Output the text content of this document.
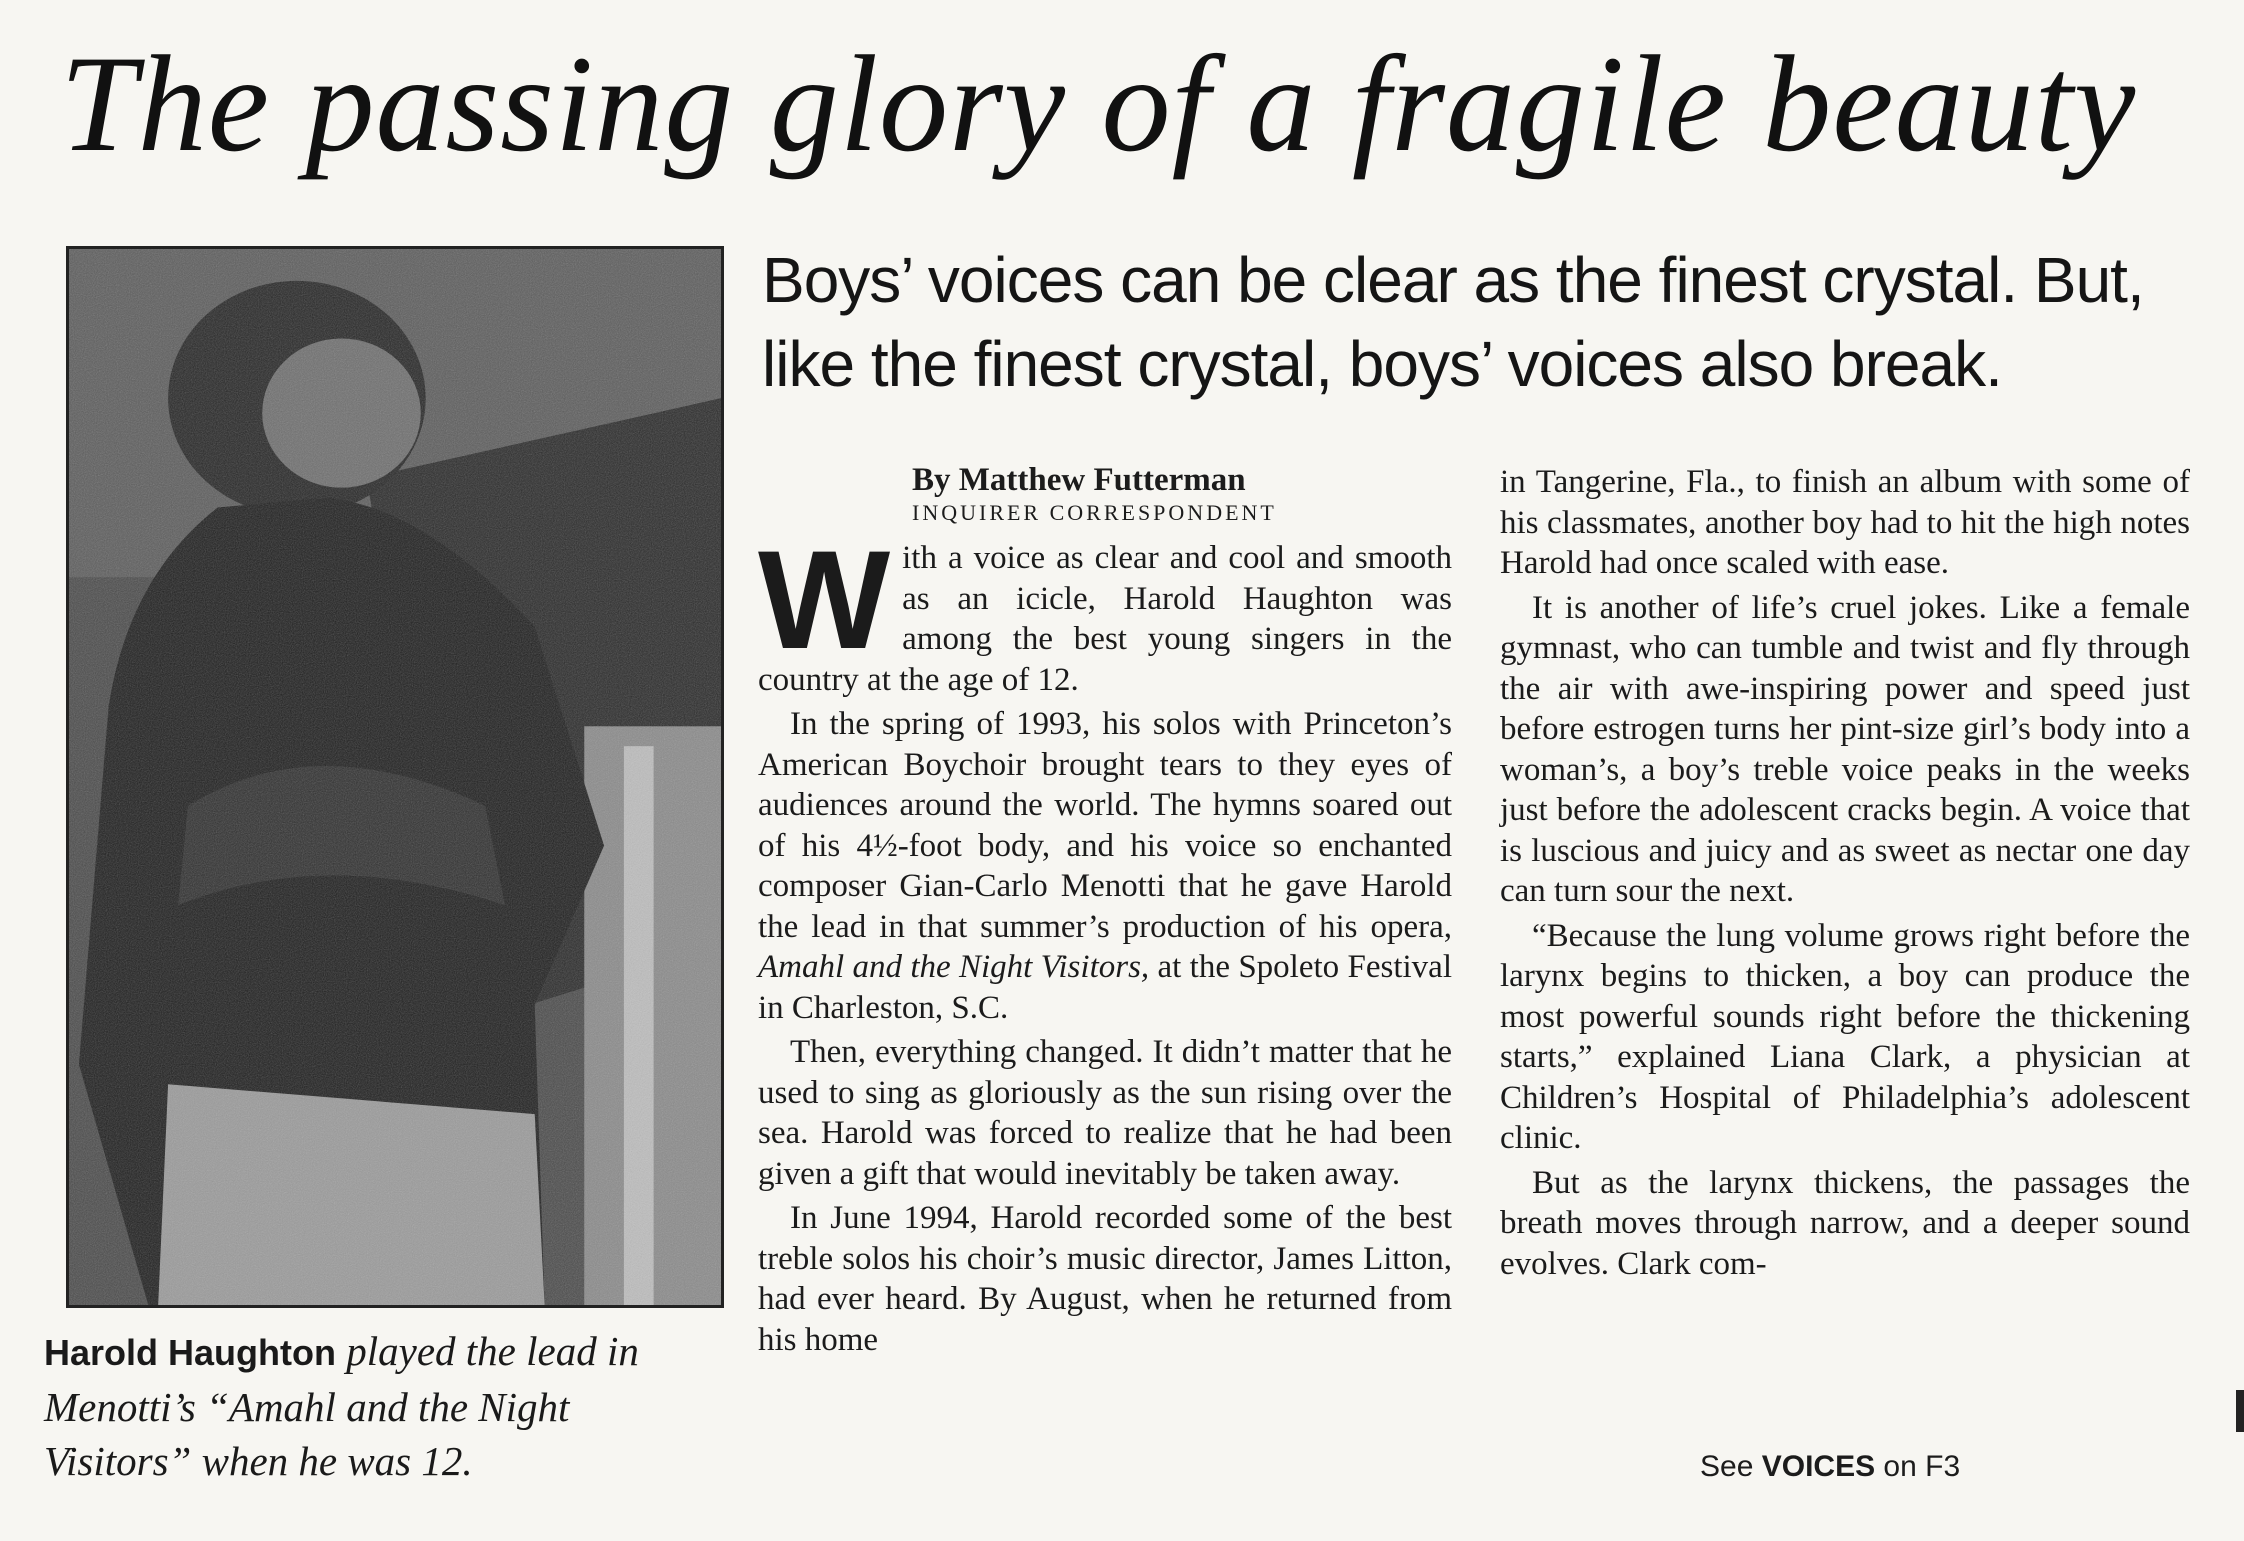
The passing glory of a fragile beauty
Harold Haughton played the lead in Menotti’s “Amahl and the Night Visitors” when he was 12.
Boys’ voices can be clear as the finest crystal. But, like the finest crystal, boys’ voices also break.
By Matthew Futterman
INQUIRER CORRESPONDENT

With a voice as clear and cool and smooth as an icicle, Harold Haughton was among the best young singers in the country at the age of 12.

In the spring of 1993, his solos with Princeton’s American Boychoir brought tears to they eyes of audiences around the world. The hymns soared out of his 4½-foot body, and his voice so enchanted composer Gian-Carlo Menotti that he gave Harold the lead in that summer’s production of his opera, Amahl and the Night Visitors, at the Spoleto Festival in Charleston, S.C.

Then, everything changed. It didn’t matter that he used to sing as gloriously as the sun rising over the sea. Harold was forced to realize that he had been given a gift that would inevitably be taken away.

In June 1994, Harold recorded some of the best treble solos his choir’s music director, James Litton, had ever heard. By August, when he returned from his home

in Tangerine, Fla., to finish an album with some of his classmates, another boy had to hit the high notes Harold had once scaled with ease.

It is another of life’s cruel jokes. Like a female gymnast, who can tumble and twist and fly through the air with awe-inspiring power and speed just before estrogen turns her pint-size girl’s body into a woman’s, a boy’s treble voice peaks in the weeks just before the adolescent cracks begin. A voice that is luscious and juicy and as sweet as nectar one day can turn sour the next.

“Because the lung volume grows right before the larynx begins to thicken, a boy can produce the most powerful sounds right before the thickening starts,” explained Liana Clark, a physician at Children’s Hospital of Philadelphia’s adolescent clinic.

But as the larynx thickens, the passages the breath moves through narrow, and a deeper sound evolves. Clark com-

See VOICES on F3
